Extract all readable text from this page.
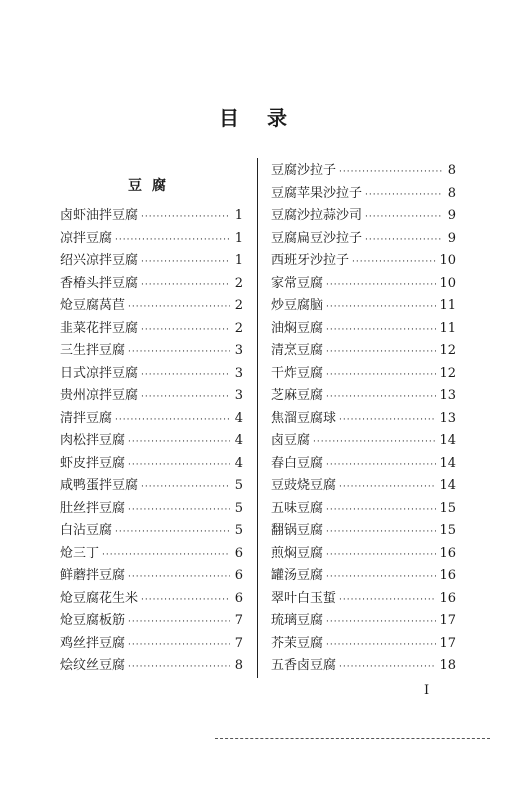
目录
豆腐
卤虾油拌豆腐 ·····	1
凉拌豆腐 ·····	1
绍兴凉拌豆腐 ·····	1
香椿头拌豆腐 ·····	2
炝豆腐莴苣 ·····	2
韭菜花拌豆腐 ·····	2
三生拌豆腐 ·····	3
日式凉拌豆腐 ·····	3
贵州凉拌豆腐 ·····	3
清拌豆腐 ·····	4
肉松拌豆腐 ·····	4
虾皮拌豆腐 ·····	4
咸鸭蛋拌豆腐 ·····	5
肚丝拌豆腐 ·····	5
白沾豆腐 ·····	5
炝三丁 ·····	6
鲜蘑拌豆腐 ·····	6
炝豆腐花生米 ·····	6
炝豆腐板筋 ·····	7
鸡丝拌豆腐 ·····	7
烩纹丝豆腐 ·····	8
豆腐沙拉子 ·····	8
豆腐苹果沙拉子 ·····	8
豆腐沙拉蒜沙司 ·····	9
豆腐扁豆沙拉子 ·····	9
西班牙沙拉子 ·····	10
家常豆腐 ·····	10
炒豆腐脑 ·····	11
油焖豆腐 ·····	11
清烹豆腐 ·····	12
干炸豆腐 ·····	12
芝麻豆腐 ·····	13
焦溜豆腐球 ·····	13
卤豆腐 ·····	14
春白豆腐 ·····	14
豆豉烧豆腐 ·····	14
五味豆腐 ·····	15
翻锅豆腐 ·····	15
煎焖豆腐 ·····	16
罐汤豆腐 ·····	16
翠叶白玉蜇 ·····	16
琉璃豆腐 ·····	17
芥茉豆腐 ·····	17
五香卤豆腐 ·····	18
I
